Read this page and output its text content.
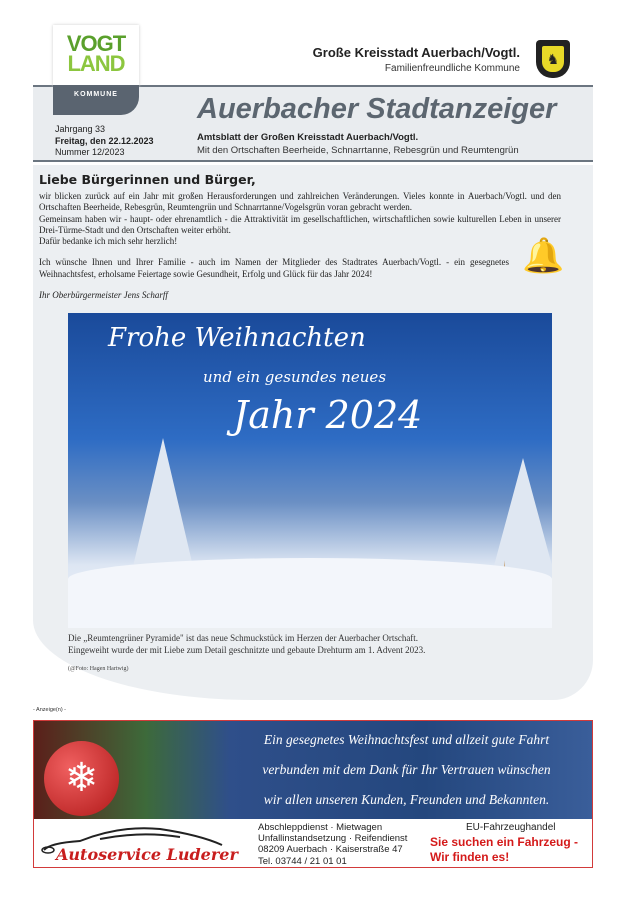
VOGT
LAND
KOMMUNE
Große Kreisstadt Auerbach/Vogtl.
Familienfreundliche Kommune
♞
Auerbacher Stadtanzeiger
Jahrgang 33
Freitag, den 22.12.2023
Nummer 12/2023
Amtsblatt der Großen Kreisstadt Auerbach/Vogtl.
Mit den Ortschaften Beerheide, Schnarrtanne, Rebesgrün und Reumtengrün
Liebe Bürgerinnen und Bürger,

wir blicken zurück auf ein Jahr mit großen Herausforderungen und zahlreichen Veränderungen. Vieles konnte in Auerbach/Vogtl. und den Ortschaften Beerheide, Rebesgrün, Reumtengrün und Schnarrtanne/Vogelsgrün voran gebracht werden.

Gemeinsam haben wir - haupt- oder ehrenamtlich - die Attraktivität im gesellschaftlichen, wirtschaftlichen sowie kulturellen Leben in unserer Drei-Türme-Stadt und den Ortschaften weiter erhöht.

Dafür bedanke ich mich sehr herzlich!

Ich wünsche Ihnen und Ihrer Familie - auch im Namen der Mitglieder des Stadtrates Auerbach/Vogtl. - ein gesegnetes Weihnachtsfest, erholsame Feiertage sowie Gesundheit, Erfolg und Glück für das Jahr 2024!

Ihr Oberbürgermeister Jens Scharff

🔔
Frohe Weihnachten
und ein gesundes neues
Jahr 2024
Die „Reumtengrüner Pyramide" ist das neue Schmuckstück im Herzen der Auerbacher Ortschaft.
Eingeweiht wurde der mit Liebe zum Detail geschnitzte und gebaute Drehturm am 1. Advent 2023.
(@Foto: Hagen Hartwig)
- Anzeige(n) -
❄
Ein gesegnetes Weihnachtsfest und allzeit gute Fahrt
verbunden mit dem Dank für Ihr Vertrauen wünschen
wir allen unseren Kunden, Freunden und Bekannten.
Autoservice Luderer
Abschleppdienst · Mietwagen
Unfallinstandsetzung · Reifendienst
08209 Auerbach · Kaiserstraße 47
Tel. 03744 / 21 01 01
EU-Fahrzeughandel
Sie suchen ein Fahrzeug -
Wir finden es!
